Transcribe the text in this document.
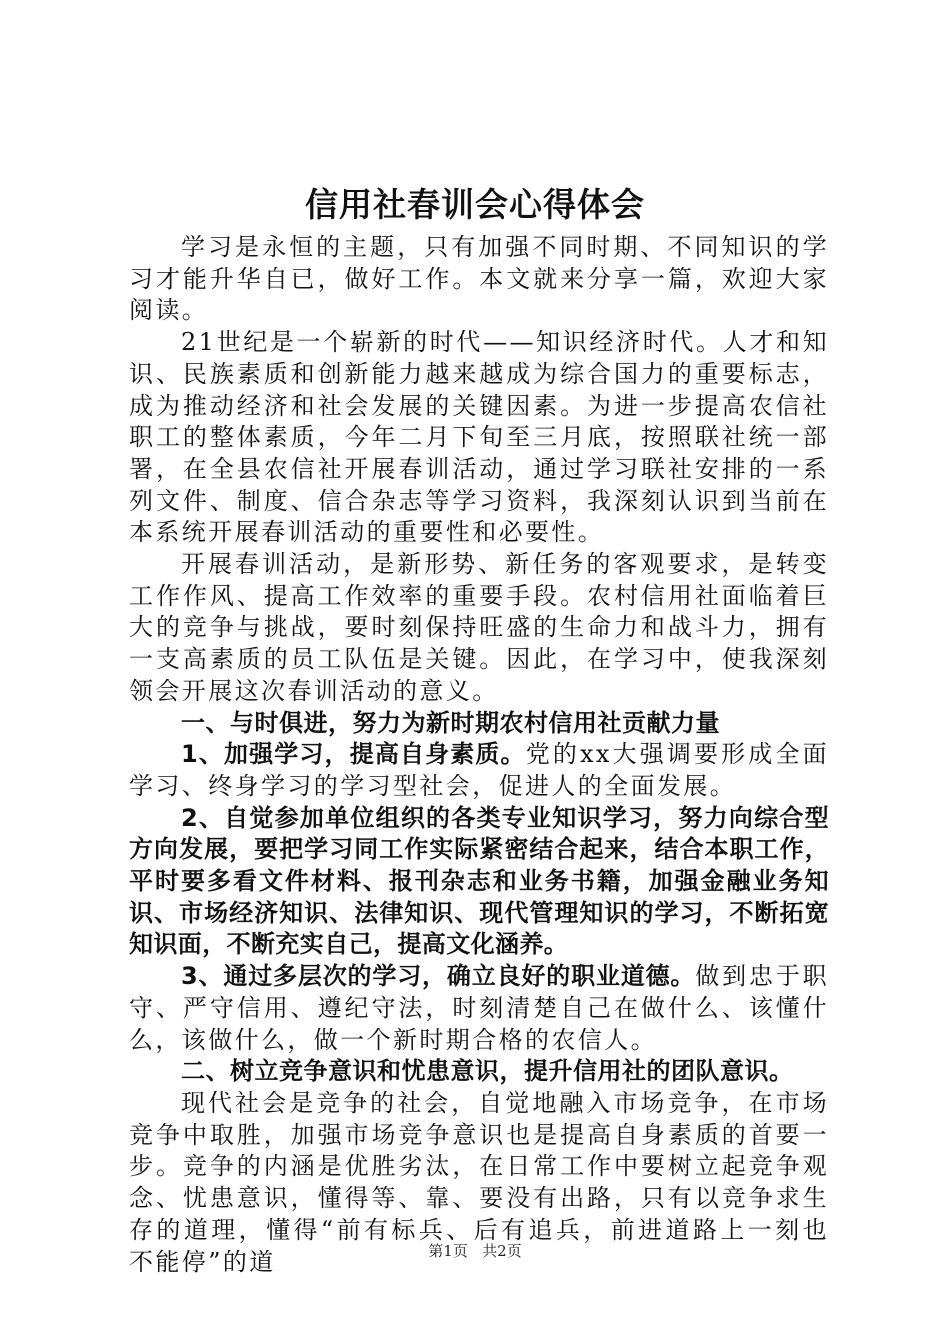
信用社春训会心得体会

学习是永恒的主题，只有加强不同时期、不同知识的学习才能升华自已，做好工作。本文就来分享一篇，欢迎大家阅读。

21世纪是一个崭新的时代——知识经济时代。人才和知识、民族素质和创新能力越来越成为综合国力的重要标志，成为推动经济和社会发展的关键因素。为进一步提高农信社职工的整体素质，今年二月下旬至三月底，按照联社统一部署，在全县农信社开展春训活动，通过学习联社安排的一系列文件、制度、信合杂志等学习资料，我深刻认识到当前在本系统开展春训活动的重要性和必要性。

开展春训活动，是新形势、新任务的客观要求，是转变工作作风、提高工作效率的重要手段。农村信用社面临着巨大的竞争与挑战，要时刻保持旺盛的生命力和战斗力，拥有一支高素质的员工队伍是关键。因此，在学习中，使我深刻领会开展这次春训活动的意义。

一、与时俱进，努力为新时期农村信用社贡献力量

1、加强学习，提高自身素质。党的xx大强调要形成全面学习、终身学习的学习型社会，促进人的全面发展。

2、自觉参加单位组织的各类专业知识学习，努力向综合型方向发展，要把学习同工作实际紧密结合起来，结合本职工作，平时要多看文件材料、报刊杂志和业务书籍，加强金融业务知识、市场经济知识、法律知识、现代管理知识的学习，不断拓宽知识面，不断充实自己，提高文化涵养。

3、通过多层次的学习，确立良好的职业道德。做到忠于职守、严守信用、遵纪守法，时刻清楚自己在做什么、该懂什么，该做什么，做一个新时期合格的农信人。

二、树立竞争意识和忧患意识，提升信用社的团队意识。

现代社会是竞争的社会，自觉地融入市场竞争，在市场竞争中取胜，加强市场竞争意识也是提高自身素质的首要一步。竞争的内涵是优胜劣汰，在日常工作中要树立起竞争观念、忧患意识，懂得等、靠、要没有出路，只有以竞争求生存的道理，懂得“前有标兵、后有追兵，前进道路上一刻也不能停”的道	第1页 共2页
